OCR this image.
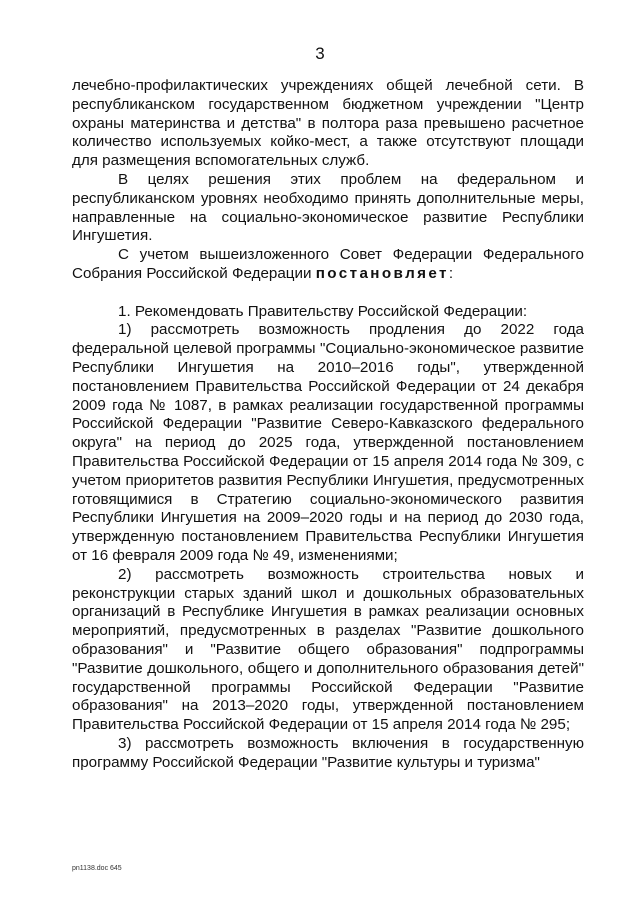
3

лечебно-профилактических учреждениях общей лечебной сети. В республиканском государственном бюджетном учреждении "Центр охраны материнства и детства" в полтора раза превышено расчетное количество используемых койко-мест, а также отсутствуют площади для размещения вспомогательных служб.

В целях решения этих проблем на федеральном и республиканском уровнях необходимо принять дополнительные меры, направленные на социально-экономическое развитие Республики Ингушетия.

С учетом вышеизложенного Совет Федерации Федерального Собрания Российской Федерации постановляет:

1. Рекомендовать Правительству Российской Федерации:

1) рассмотреть возможность продления до 2022 года федеральной целевой программы "Социально-экономическое развитие Республики Ингушетия на 2010–2016 годы", утвержденной постановлением Правительства Российской Федерации от 24 декабря 2009 года № 1087, в рамках реализации государственной программы Российской Федерации "Развитие Северо-Кавказского федерального округа" на период до 2025 года, утвержденной постановлением Правительства Российской Федерации от 15 апреля 2014 года № 309, с учетом приоритетов развития Республики Ингушетия, предусмотренных готовящимися в Стратегию социально-экономического развития Республики Ингушетия на 2009–2020 годы и на период до 2030 года, утвержденную постановлением Правительства Республики Ингушетия от 16 февраля 2009 года № 49, изменениями;

2) рассмотреть возможность строительства новых и реконструкции старых зданий школ и дошкольных образовательных организаций в Республике Ингушетия в рамках реализации основных мероприятий, предусмотренных в разделах "Развитие дошкольного образования" и "Развитие общего образования" подпрограммы "Развитие дошкольного, общего и дополнительного образования детей" государственной программы Российской Федерации "Развитие образования" на 2013–2020 годы, утвержденной постановлением Правительства Российской Федерации от 15 апреля 2014 года № 295;

3) рассмотреть возможность включения в государственную программу Российской Федерации "Развитие культуры и туризма"

pn1138.doc 645
